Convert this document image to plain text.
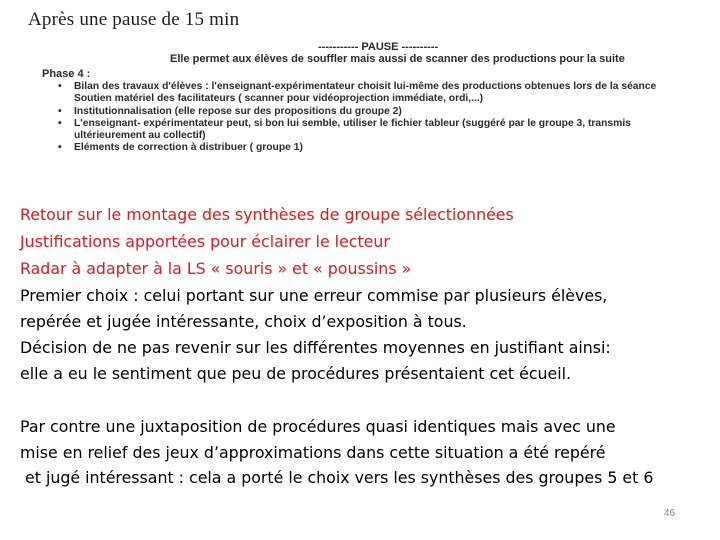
Après une pause de 15 min
----------- PAUSE ----------
Elle permet aux élèves de souffler mais aussi de scanner des productions pour la suite
Phase 4 :
• Bilan des travaux d'élèves : l'enseignant-expérimentateur choisit lui-même des productions obtenues lors de la séance
Soutien matériel des facilitateurs ( scanner pour vidéoprojection immédiate, ordi,...)
• Institutionnalisation (elle repose sur des propositions du groupe 2)
• L'enseignant- expérimentateur peut, si bon lui semble, utiliser le fichier tableur (suggéré par le groupe 3, transmis
ultérieurement au collectif)
• Eléments de correction à distribuer ( groupe 1)
Retour sur le montage des synthèses de groupe sélectionnées
Justifications apportées pour éclairer le lecteur
Radar à adapter à la LS « souris » et « poussins »
Premier choix : celui portant sur une erreur commise par plusieurs élèves,
repérée et jugée intéressante, choix d’exposition à tous.
Décision de ne pas revenir sur les différentes moyennes en justifiant ainsi:
elle a eu le sentiment que peu de procédures présentaient cet écueil.
Par contre une juxtaposition de procédures quasi identiques mais avec une
mise en relief des jeux d’approximations dans cette situation a été repéré
et jugé intéressant : cela a porté le choix vers les synthèses des groupes 5 et 6
46
